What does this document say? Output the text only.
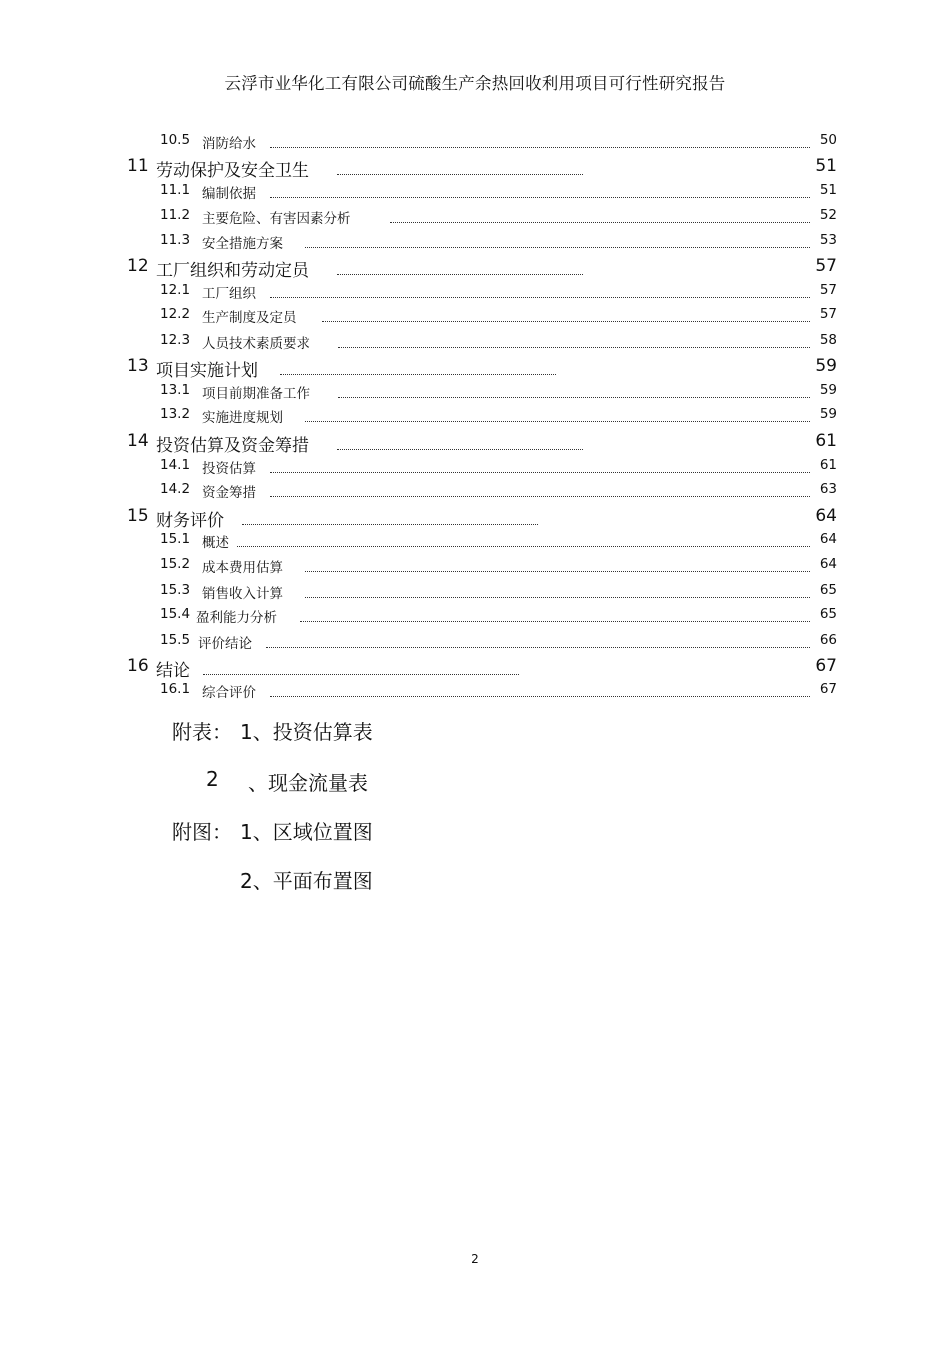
云浮市业华化工有限公司硫酸生产余热回收利用项目可行性研究报告
10.5 消防给水	50
11 劳动保护及安全卫生	51
11.1 编制依据	51
11.2 主要危险、有害因素分析	52
11.3 安全措施方案	53
12 工厂组织和劳动定员	57
12.1 工厂组织	57
12.2 生产制度及定员	57
12.3 人员技术素质要求	58
13 项目实施计划	59
13.1 项目前期准备工作	59
13.2 实施进度规划	59
14 投资估算及资金筹措	61
14.1 投资估算	61
14.2 资金筹措	63
15 财务评价	64
15.1 概述	64
15.2 成本费用估算	64
15.3 销售收入计算	65
15.4 盈利能力分析	65
15.5 评价结论	66
16 结论	67
16.1 综合评价	67
附表： 1、投资估算表
2 、现金流量表
附图： 1、区域位置图
2、平面布置图
2
